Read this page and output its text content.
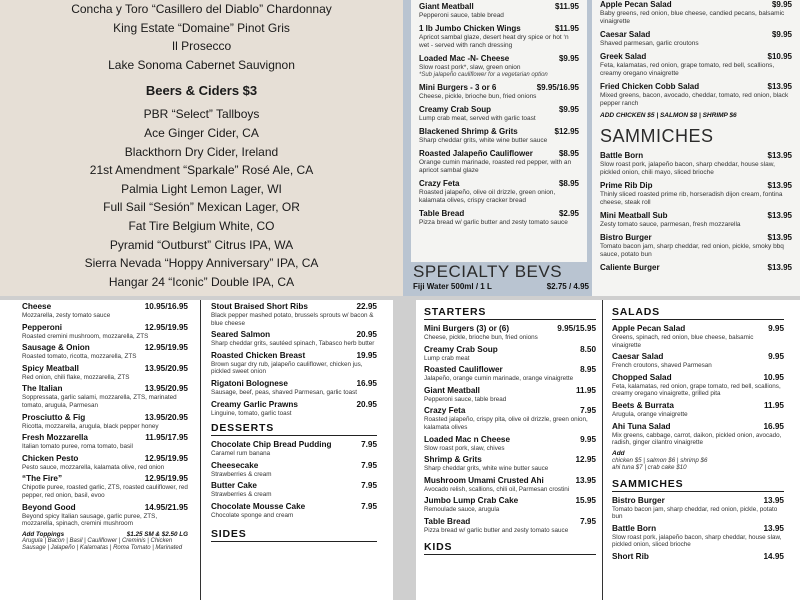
Concha y Toro “Casillero del Diablo” Chardonnay
King Estate “Domaine” Pinot Gris
Il Prosecco
Lake Sonoma Cabernet Sauvignon
Beers & Ciders $3
PBR “Select” Tallboys
Ace Ginger Cider, CA
Blackthorn Dry Cider, Ireland
21st Amendment “Sparkale” Rosé Ale, CA
Palmia Light Lemon Lager, WI
Full Sail “Sesión” Mexican Lager, OR
Fat Tire Belgium White, CO
Pyramid “Outburst” Citrus IPA, WA
Sierra Nevada “Hoppy Anniversary” IPA, CA
Hangar 24 “Iconic” Double IPA, CA
Giant Meatball	$11.95
Pepperoni sauce, table bread
1 lb Jumbo Chicken Wings	$11.95
Apricot sambal glaze, desert heat dry spice or hot ‘n wet - served with ranch dressing
Loaded Mac -N- Cheese	$9.95
Slow roast pork*, slaw, green onion
*Sub jalapeño cauliflower for a vegetarian option
Mini Burgers - 3 or 6	$9.95/16.95
Cheese, pickle, brioche bun, fried onions
Creamy Crab Soup	$9.95
Lump crab meat, served with garlic toast
Blackened Shrimp & Grits	$12.95
Sharp cheddar grits, white wine butter sauce
Roasted Jalapeño Cauliflower	$8.95
Orange cumin marinade, roasted red pepper, with an apricot sambal glaze
Crazy Feta	$8.95
Roasted jalapeño, olive oil drizzle, green onion, kalamata olives, crispy cracker bread
Table Bread	$2.95
Pizza bread w/ garlic butter and zesty tomato sauce
SPECIALTY BEVS
Fiji Water 500ml / 1 L	$2.75 / 4.95
Apple Pecan Salad	$9.95
Baby greens, red onion, blue cheese, candied pecans, balsamic vinaigrette
Caesar Salad	$9.95
Shaved parmesan, garlic croutons
Greek Salad	$10.95
Feta, kalamatas, red onion, grape tomato, red bell, scallions, creamy oregano vinaigrette
Fried Chicken Cobb Salad	$13.95
Mixed greens, bacon, avocado, cheddar, tomato, red onion, black pepper ranch
ADD CHICKEN $5 | SALMON $8 | SHRIMP $6
SAMMICHES
Battle Born	$13.95
Slow roast pork, jalapeño bacon, sharp cheddar, house slaw, pickled onion, chili mayo, sliced brioche
Prime Rib Dip	$13.95
Thinly sliced roasted prime rib, horseradish dijon cream, fontina cheese, steak roll
Mini Meatball Sub	$13.95
Zesty tomato sauce, parmesan, fresh mozzarella
Bistro Burger	$13.95
Tomato bacon jam, sharp cheddar, red onion, pickle, smoky bbq sauce, potato bun
Caliente Burger	$13.95
Cheese	10.95/16.95
Mozzarella, zesty tomato sauce
Pepperoni	12.95/19.95
Roasted cremini mushroom, mozzarella, ZTS
Sausage & Onion	12.95/19.95
Roasted tomato, ricotta, mozzarella, ZTS
Spicy Meatball	13.95/20.95
Red onion, chili flake, mozzarella, ZTS
The Italian	13.95/20.95
Soppressata, garlic salami, mozzarella, ZTS, marinated tomato, arugula, Parmesan
Prosciutto & Fig	13.95/20.95
Ricotta, mozzarella, arugula, black pepper honey
Fresh Mozzarella	11.95/17.95
Italian tomato puree, roma tomato, basil
Chicken Pesto	12.95/19.95
Pesto sauce, mozzarella, kalamata olive, red onion
“The Fire”	12.95/19.95
Chipotle puree, roasted garlic, ZTS, roasted cauliflower, red pepper, red onion, basil, evoo
Beyond Good	14.95/21.95
Beyond spicy Italian sausage, garlic puree, ZTS, mozzarella, spinach, cremini mushroom
Add Toppings	$1.25 SM & $2.50 LG
Arugula | Bacon | Basil | Cauliflower | Creminis | Chicken Sausage | Jalapeño | Kalamatas | Roma Tomato | Marinated
Stout Braised Short Ribs	22.95
Black pepper mashed potato, brussels sprouts w/ bacon & blue cheese
Seared Salmon	20.95
Sharp cheddar grits, sautéed spinach, Tabasco herb butter
Roasted Chicken Breast	19.95
Brown sugar dry rub, jalapeño cauliflower, chicken jus, pickled sweet onion
Rigatoni Bolognese	16.95
Sausage, beef, peas, shaved Parmesan, garlic toast
Creamy Garlic Prawns	20.95
Linguine, tomato, garlic toast
DESSERTS
Chocolate Chip Bread Pudding	7.95
Caramel rum banana
Cheesecake	7.95
Strawberries & cream
Butter Cake	7.95
Strawberries & cream
Chocolate Mousse Cake	7.95
Chocolate sponge and cream
SIDES
STARTERS
Mini Burgers (3) or (6)	9.95/15.95
Cheese, pickle, brioche bun, fried onions
Creamy Crab Soup	8.50
Lump crab meat
Roasted Cauliflower	8.95
Jalapeño, orange cumin marinade, orange vinaigrette
Giant Meatball	11.95
Pepperoni sauce, table bread
Crazy Feta	7.95
Roasted jalapeño, crispy pita, olive oil drizzle, green onion, kalamata olives
Loaded Mac n Cheese	9.95
Slow roast pork, slaw, chives
Shrimp & Grits	12.95
Sharp cheddar grits, white wine butter sauce
Mushroom Umami Crusted Ahi	13.95
Avocado relish, scallions, chili oil, Parmesan crostini
Jumbo Lump Crab Cake	15.95
Remoulade sauce, arugula
Table Bread	7.95
Pizza bread w/ garlic butter and zesty tomato sauce
KIDS
SALADS
Apple Pecan Salad	9.95
Greens, spinach, red onion, blue cheese, balsamic vinaigrette
Caesar Salad	9.95
French croutons, shaved Parmesan
Chopped Salad	10.95
Feta, kalamatas, red onion, grape tomato, red bell, scallions, creamy oregano vinaigrette, grilled pita
Beets & Burrata	11.95
Arugula, orange vinaigrette
Ahi Tuna Salad	16.95
Mix greens, cabbage, carrot, daikon, pickled onion, avocado, radish, ginger cilantro vinaigrette
Add
chicken $5 | salmon $6 | shrimp $6
ahi tuna $7 | crab cake $10
SAMMICHES
Bistro Burger	13.95
Tomato bacon jam, sharp cheddar, red onion, pickle, potato bun
Battle Born	13.95
Slow roast pork, jalapeño bacon, sharp cheddar, house slaw, pickled onion, sliced brioche
Short Rib	14.95
